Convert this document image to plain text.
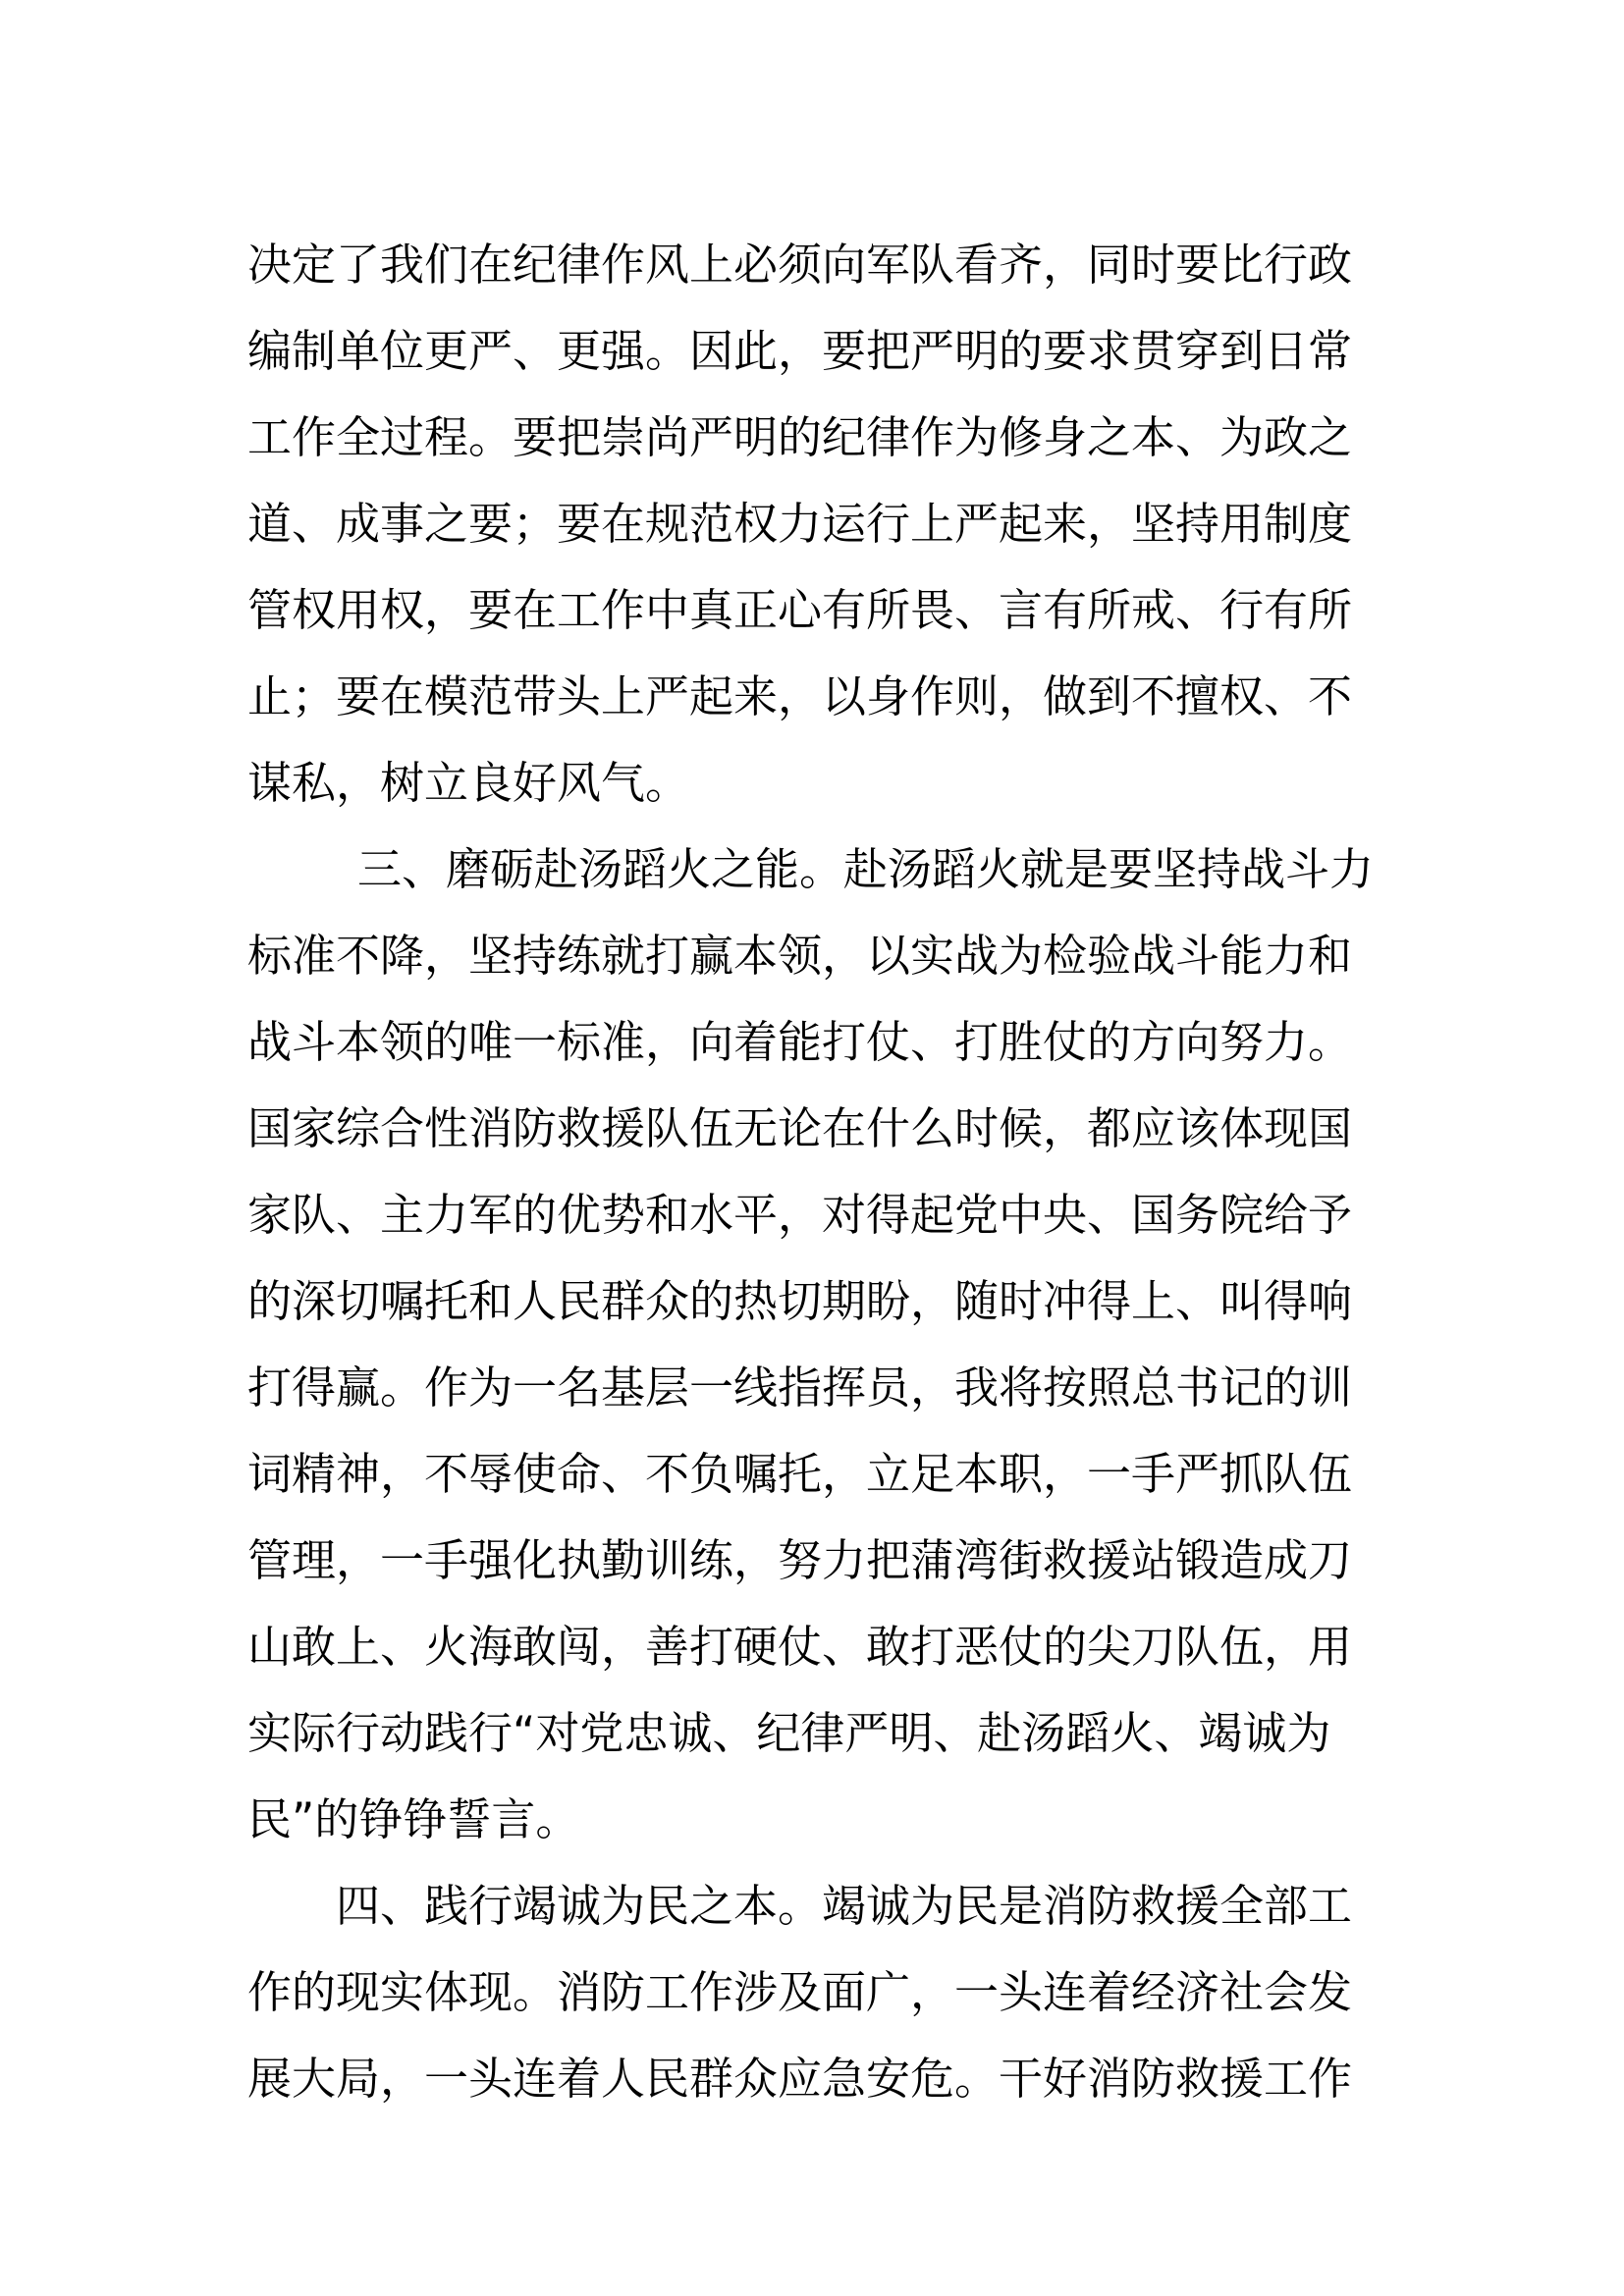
决定了我们在纪律作风上必须向军队看齐，同时要比行政
编制单位更严、更强。因此，要把严明的要求贯穿到日常
工作全过程。要把崇尚严明的纪律作为修身之本、为政之
道、成事之要；要在规范权力运行上严起来，坚持用制度
管权用权，要在工作中真正心有所畏、言有所戒、行有所
止；要在模范带头上严起来，以身作则，做到不擅权、不
谋私，树立良好风气。
三、磨砺赴汤蹈火之能。赴汤蹈火就是要坚持战斗力
标准不降，坚持练就打赢本领，以实战为检验战斗能力和
战斗本领的唯一标准，向着能打仗、打胜仗的方向努力。
国家综合性消防救援队伍无论在什么时候，都应该体现国
家队、主力军的优势和水平，对得起党中央、国务院给予
的深切嘱托和人民群众的热切期盼，随时冲得上、叫得响
打得赢。作为一名基层一线指挥员，我将按照总书记的训
词精神，不辱使命、不负嘱托，立足本职，一手严抓队伍
管理，一手强化执勤训练，努力把蒲湾街救援站锻造成刀
山敢上、火海敢闯，善打硬仗、敢打恶仗的尖刀队伍，用
实际行动践行“对党忠诚、纪律严明、赴汤蹈火、竭诚为
民”的铮铮誓言。
四、践行竭诚为民之本。竭诚为民是消防救援全部工
作的现实体现。消防工作涉及面广，一头连着经济社会发
展大局，一头连着人民群众应急安危。干好消防救援工作
